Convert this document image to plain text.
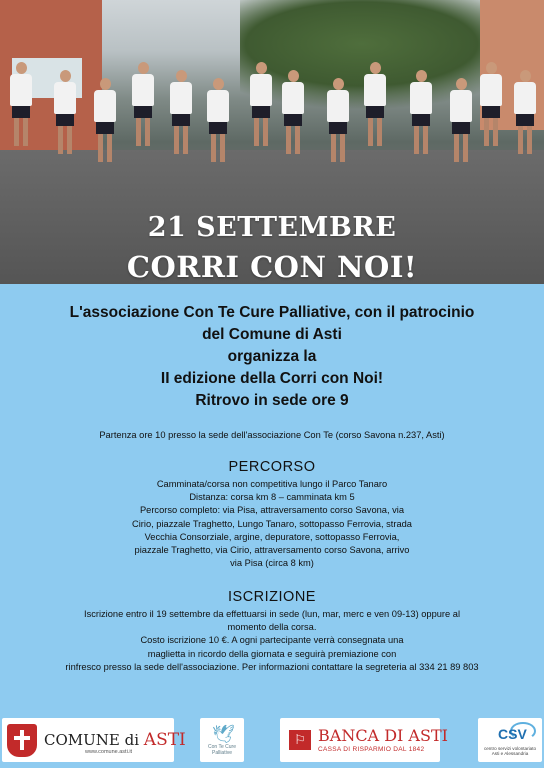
21 SETTEMBRE
CORRI CON NOI!
L'associazione Con Te Cure Palliative, con il patrocinio
del Comune di Asti
organizza la
II edizione della Corri con Noi!
Ritrovo in sede ore 9
Partenza ore 10 presso la sede dell'associazione Con Te (corso Savona n.237, Asti)
PERCORSO
Camminata/corsa non competitiva lungo il Parco Tanaro
Distanza: corsa km 8 – camminata km 5
Percorso completo: via Pisa, attraversamento corso Savona, via
Cirio, piazzale Traghetto, Lungo Tanaro, sottopasso Ferrovia, strada
Vecchia Consorziale, argine, depuratore, sottopasso Ferrovia,
piazzale Traghetto, via Cirio, attraversamento corso Savona, arrivo
via Pisa (circa 8 km)
ISCRIZIONE
Iscrizione entro il 19 settembre da effettuarsi in sede (lun, mar, merc e ven 09-13) oppure al
momento della corsa.
Costo iscrizione 10 €. A ogni partecipante verrà consegnata una
maglietta in ricordo della giornata e seguirà premiazione con
rinfresco presso la sede dell'associazione. Per informazioni contattare la segreteria al 334 21 89 803
COMUNE di ASTI
www.comune.asti.it
🕊
Con Te Cure Palliative
⚐ BANCA DI ASTI
CASSA DI RISPARMIO DAL 1842
CSV
centro servizi volontariato Asti e Alessandria
